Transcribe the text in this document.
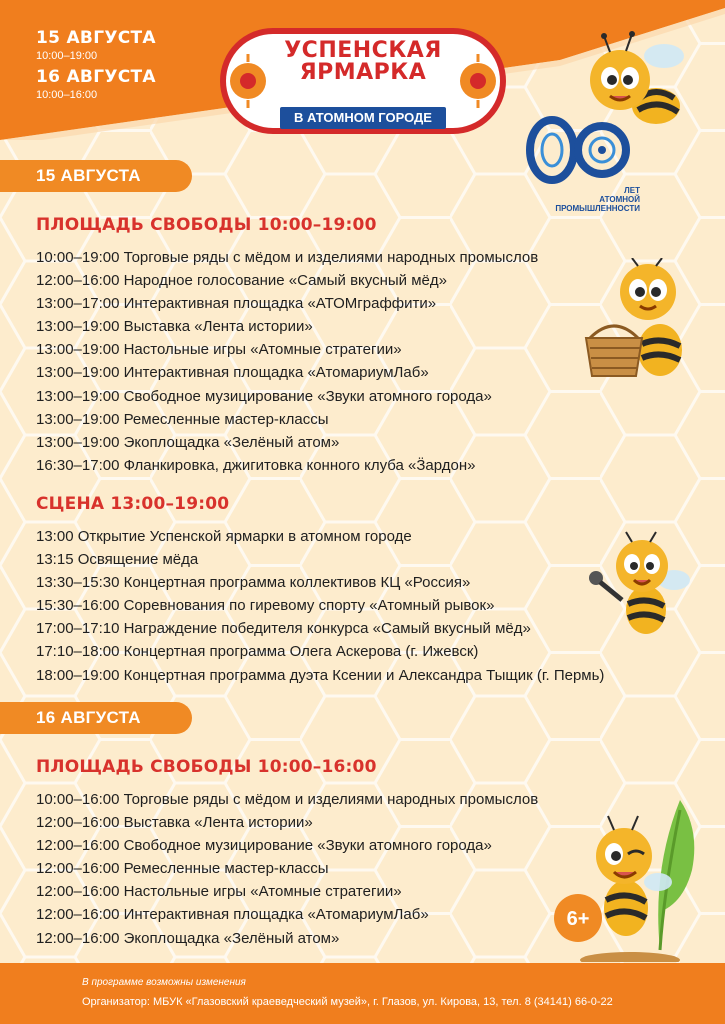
15 АВГУСТА
10:00–19:00
16 АВГУСТА
10:00–16:00
УСПЕНСКАЯ
ЯРМАРКА
В АТОМНОМ ГОРОДЕ
ЛЕТ
АТОМНОЙ
ПРОМЫШЛЕННОСТИ
6+
15 АВГУСТА
ПЛОЩАДЬ СВОБОДЫ 10:00–19:00
10:00–19:00 Торговые ряды с мёдом и изделиями народных промыслов
12:00–16:00 Народное голосование «Самый вкусный мёд»
13:00–17:00 Интерактивная площадка «АТОМграффити»
13:00–19:00 Выставка «Лента истории»
13:00–19:00 Настольные игры «Атомные стратегии»
13:00–19:00 Интерактивная площадка «АтомариумЛаб»
13:00–19:00 Свободное музицирование «Звуки атомного города»
13:00–19:00 Ремесленные мастер-классы
13:00–19:00 Экоплощадка «Зелёный атом»
16:30–17:00 Фланкировка, джигитовка конного клуба «Ӟардон»
СЦЕНА 13:00–19:00
13:00 Открытие Успенской ярмарки в атомном городе
13:15 Освящение мёда
13:30–15:30 Концертная программа коллективов КЦ «Россия»
15:30–16:00 Соревнования по гиревому спорту «Атомный рывок»
17:00–17:10 Награждение победителя конкурса «Самый вкусный мёд»
17:10–18:00 Концертная программа Олега Аскерова (г. Ижевск)
18:00–19:00 Концертная программа дуэта Ксении и Александра Тыщик (г. Пермь)
16 АВГУСТА
ПЛОЩАДЬ СВОБОДЫ 10:00–16:00
10:00–16:00 Торговые ряды с мёдом и изделиями народных промыслов
12:00–16:00 Выставка «Лента истории»
12:00–16:00 Свободное музицирование «Звуки атомного города»
12:00–16:00 Ремесленные мастер-классы
12:00–16:00 Настольные игры «Атомные стратегии»
12:00–16:00 Интерактивная площадка «АтомариумЛаб»
12:00–16:00 Экоплощадка «Зелёный атом»
В программе возможны изменения
Организатор: МБУК «Глазовский краеведческий музей», г. Глазов, ул. Кирова, 13, тел. 8 (34141) 66-0-22
